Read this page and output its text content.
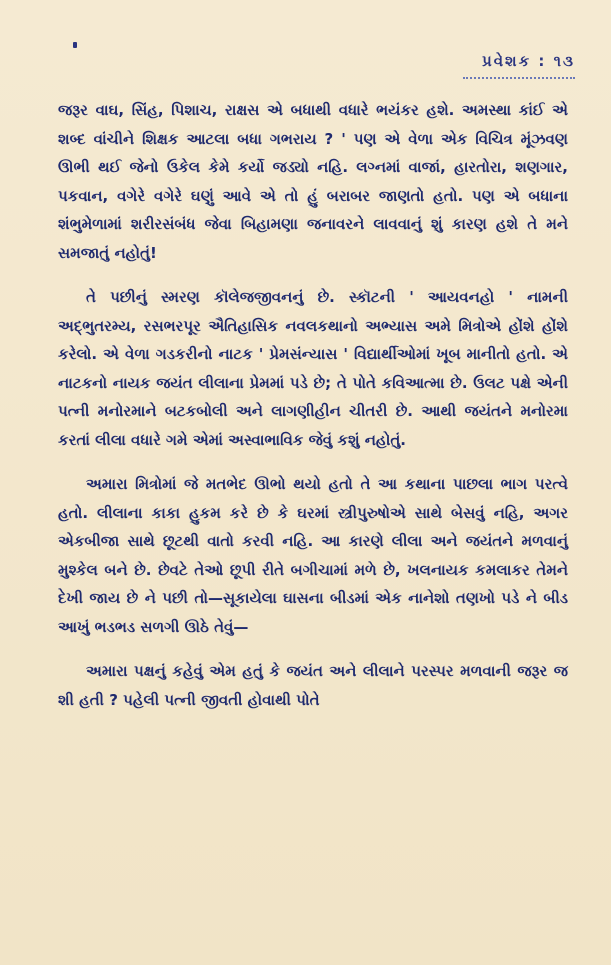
પ્રવેશક : ૧૩

જરૂર વાઘ, સિંહ, પિશાચ, રાક્ષસ એ બધાથી વધારે ભયંકર હશે. અમસ્થા કાંઈ એ શબ્દ વાંચીને શિક્ષક આટલા બધા ગભરાય ? ' પણ એ વેળા એક વિચિત્ર મૂંઝવણ ઊભી થઈ જેનો ઉકેલ કેમે કર્યો જડ્યો નહિ. લગ્નમાં વાજાં, હારતોરા, શણગાર, પકવાન, વગેરે વગેરે ઘણું આવે એ તો હું બરાબર જાણતો હતો. પણ એ બધાના શંભુમેળામાં શરીરસંબંધ જેવા બિહામણા જનાવરને લાવવાનું શું કારણ હશે તે મને સમજાતું નહોતું!

તે પછીનું સ્મરણ કૉલેજજીવનનું છે. સ્કૉટની ' આયવનહો ' નામની અદ્ભુતરમ્ય, રસભરપૂર ઐતિહાસિક નવલકથાનો અભ્યાસ અમે મિત્રોએ હોંશે હોંશે કરેલો. એ વેળા ગડકરીનો નાટક ' પ્રેમસંન્યાસ ' વિદ્યાર્થીઓમાં ખૂબ માનીતો હતો. એ નાટકનો નાયક જયંત લીલાના પ્રેમમાં પડે છે; તે પોતે કવિઆત્મા છે. ઉલટ પક્ષે એની પત્ની મનોરમાને બટકબોલી અને લાગણીહીન ચીતરી છે. આથી જયંતને મનોરમા કરતાં લીલા વધારે ગમે એમાં અસ્વાભાવિક જેવું કશું નહોતું.

અમારા મિત્રોમાં જે મતભેદ ઊભો થયો હતો તે આ કથાના પાછલા ભાગ પરત્વે હતો. લીલાના કાકા હુકમ કરે છે કે ઘરમાં સ્ત્રીપુરુષોએ સાથે બેસવું નહિ, અગર એકબીજા સાથે છૂટથી વાતો કરવી નહિ. આ કારણે લીલા અને જયંતને મળવાનું મુશ્કેલ બને છે. છેવટે તેઓ છૂપી રીતે બગીચામાં મળે છે, ખલનાયક કમલાકર તેમને દેખી જાય છે ને પછી તો—સૂકાયેલા ઘાસના બીડમાં એક નાનેશો તણખો પડે ને બીડ આખું ભડભડ સળગી ઊઠે તેવું—

અમારા પક્ષનું કહેવું એમ હતું કે જયંત અને લીલાને પરસ્પર મળવાની જરૂર જ શી હતી ? પહેલી પત્ની જીવતી હોવાથી પોતે
